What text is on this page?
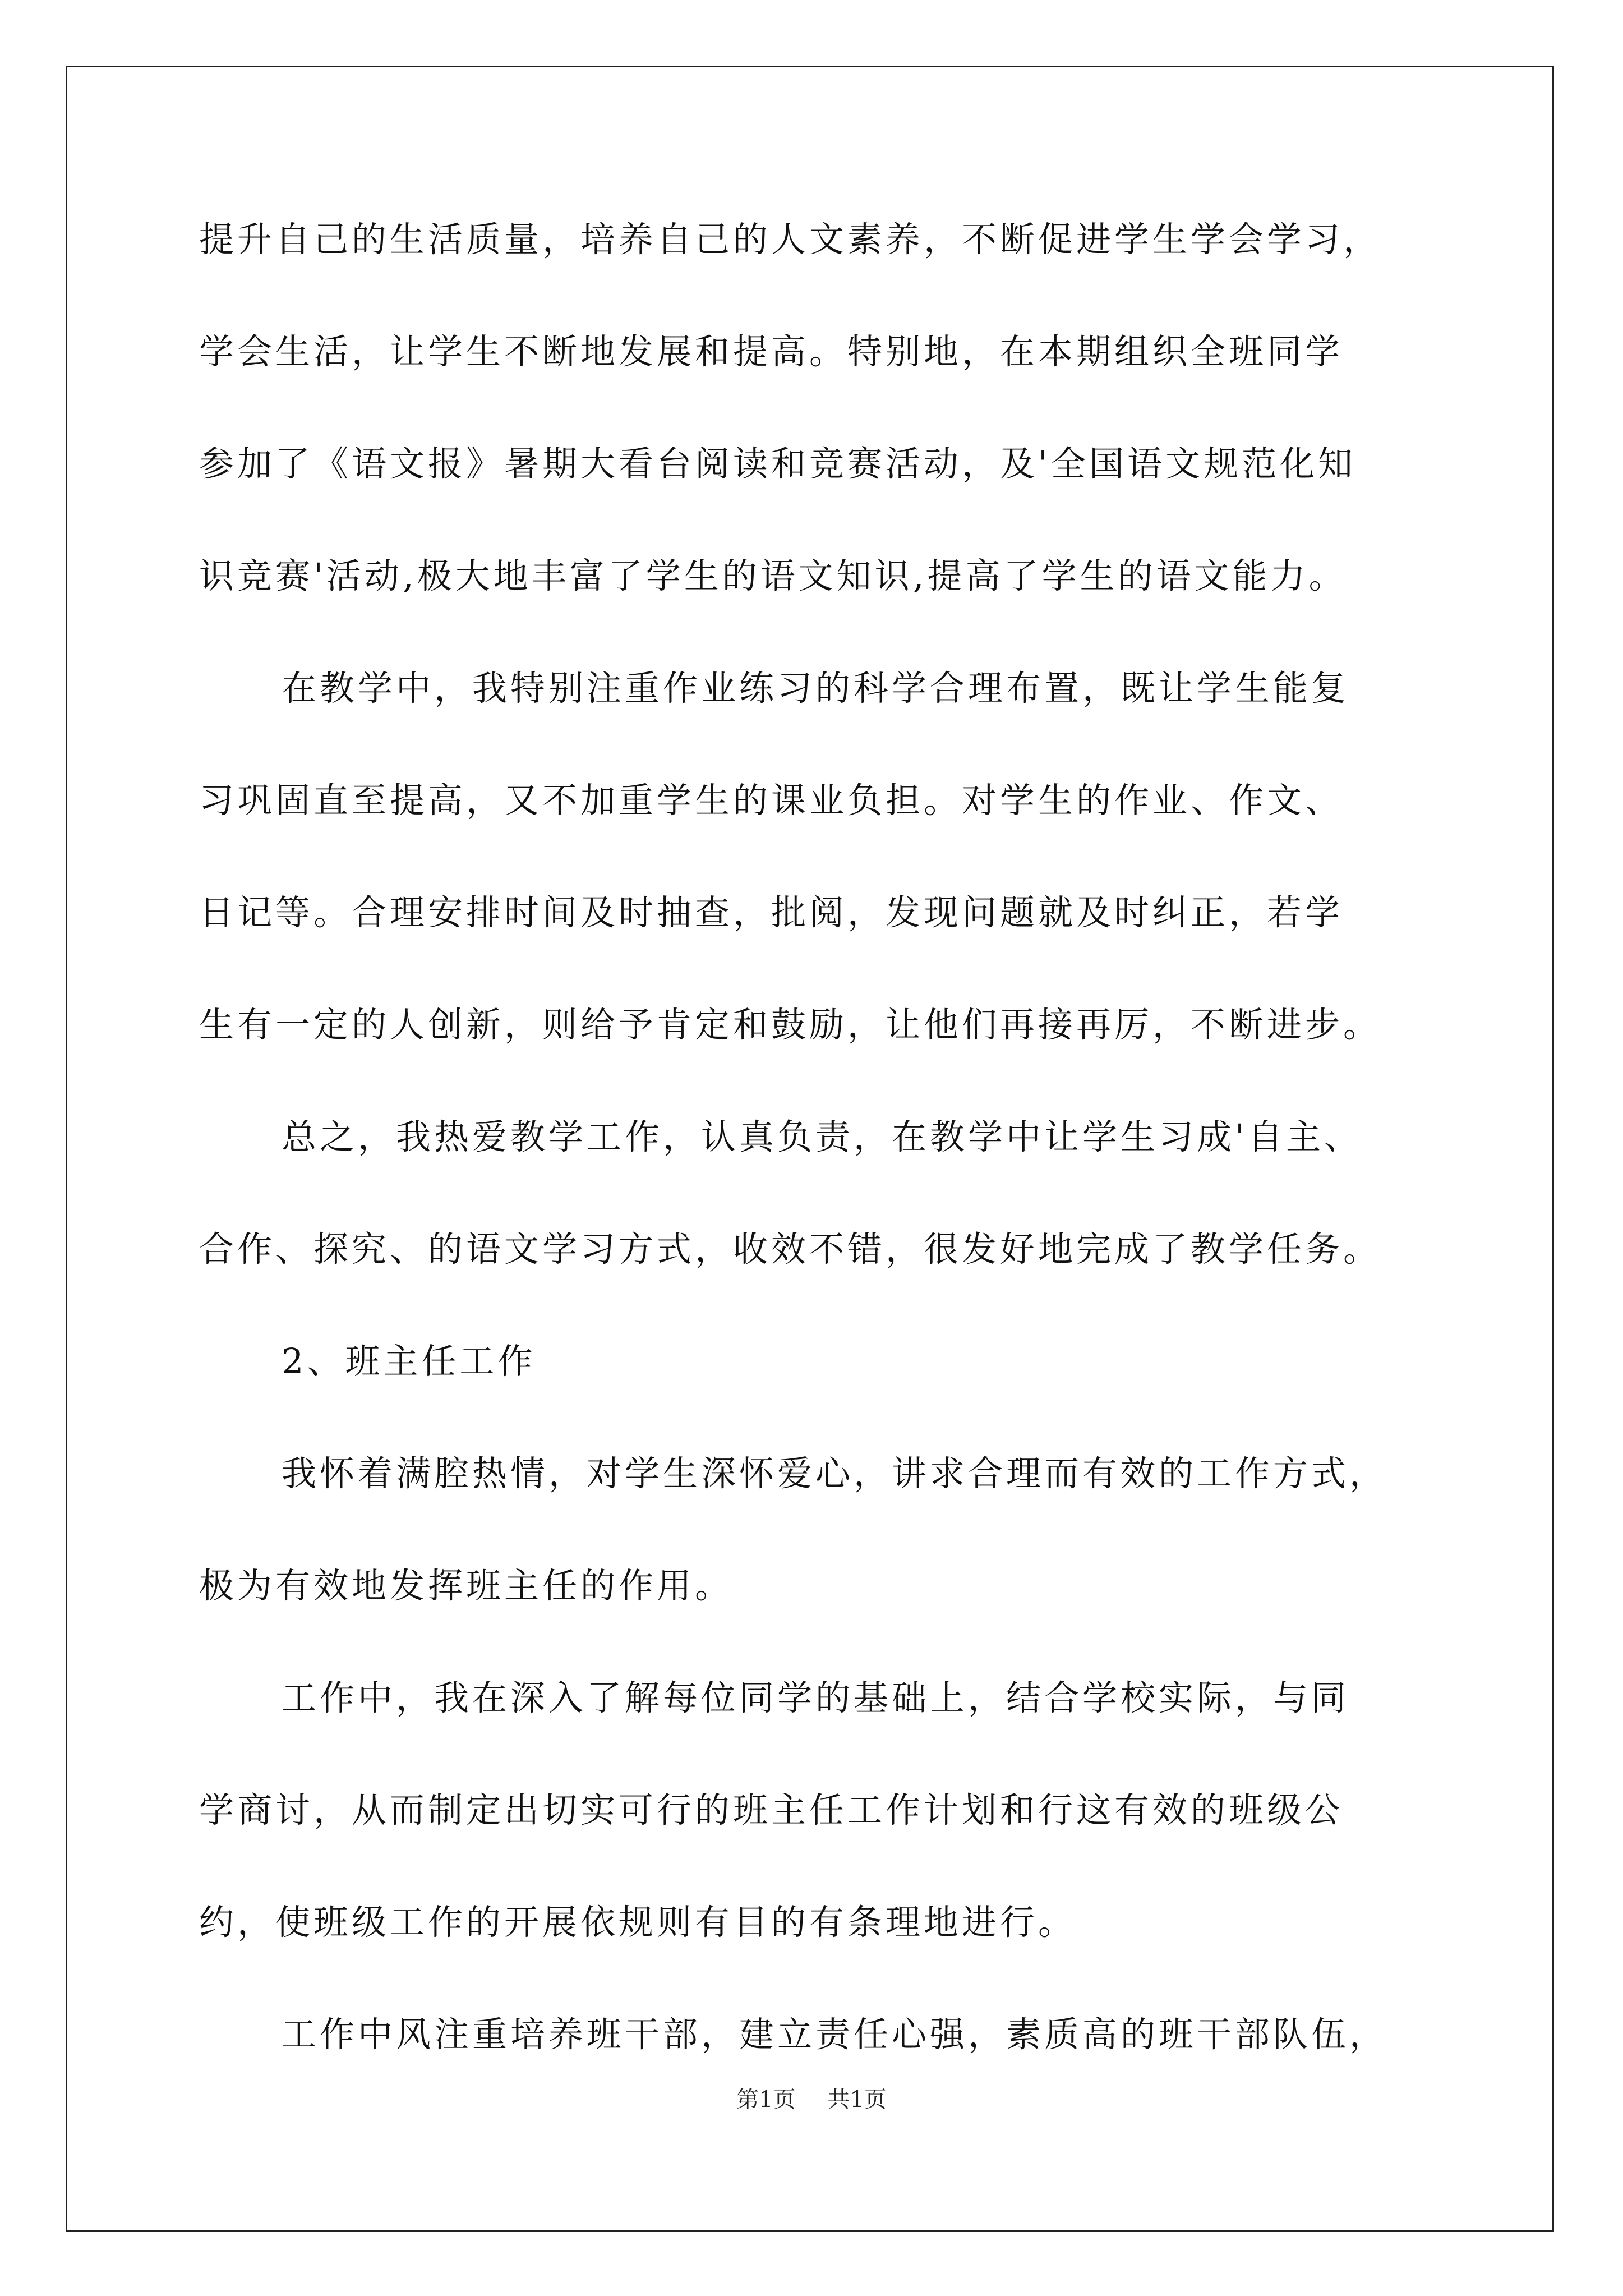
提升自己的生活质量，培养自己的人文素养，不断促进学生学会学习，
学会生活，让学生不断地发展和提高。特别地，在本期组织全班同学
参加了《语文报》暑期大看台阅读和竞赛活动，及'全国语文规范化知
识竞赛'活动,极大地丰富了学生的语文知识,提高了学生的语文能力。
在教学中，我特别注重作业练习的科学合理布置，既让学生能复
习巩固直至提高，又不加重学生的课业负担。对学生的作业、作文、
日记等。合理安排时间及时抽查，批阅，发现问题就及时纠正，若学
生有一定的人创新，则给予肯定和鼓励，让他们再接再厉，不断进步。
总之，我热爱教学工作，认真负责，在教学中让学生习成'自主、
合作、探究、的语文学习方式，收效不错，很发好地完成了教学任务。
2、班主任工作
我怀着满腔热情，对学生深怀爱心，讲求合理而有效的工作方式，
极为有效地发挥班主任的作用。
工作中，我在深入了解每位同学的基础上，结合学校实际，与同
学商讨，从而制定出切实可行的班主任工作计划和行这有效的班级公
约，使班级工作的开展依规则有目的有条理地进行。
工作中风注重培养班干部，建立责任心强，素质高的班干部队伍，
第1页 共1页
